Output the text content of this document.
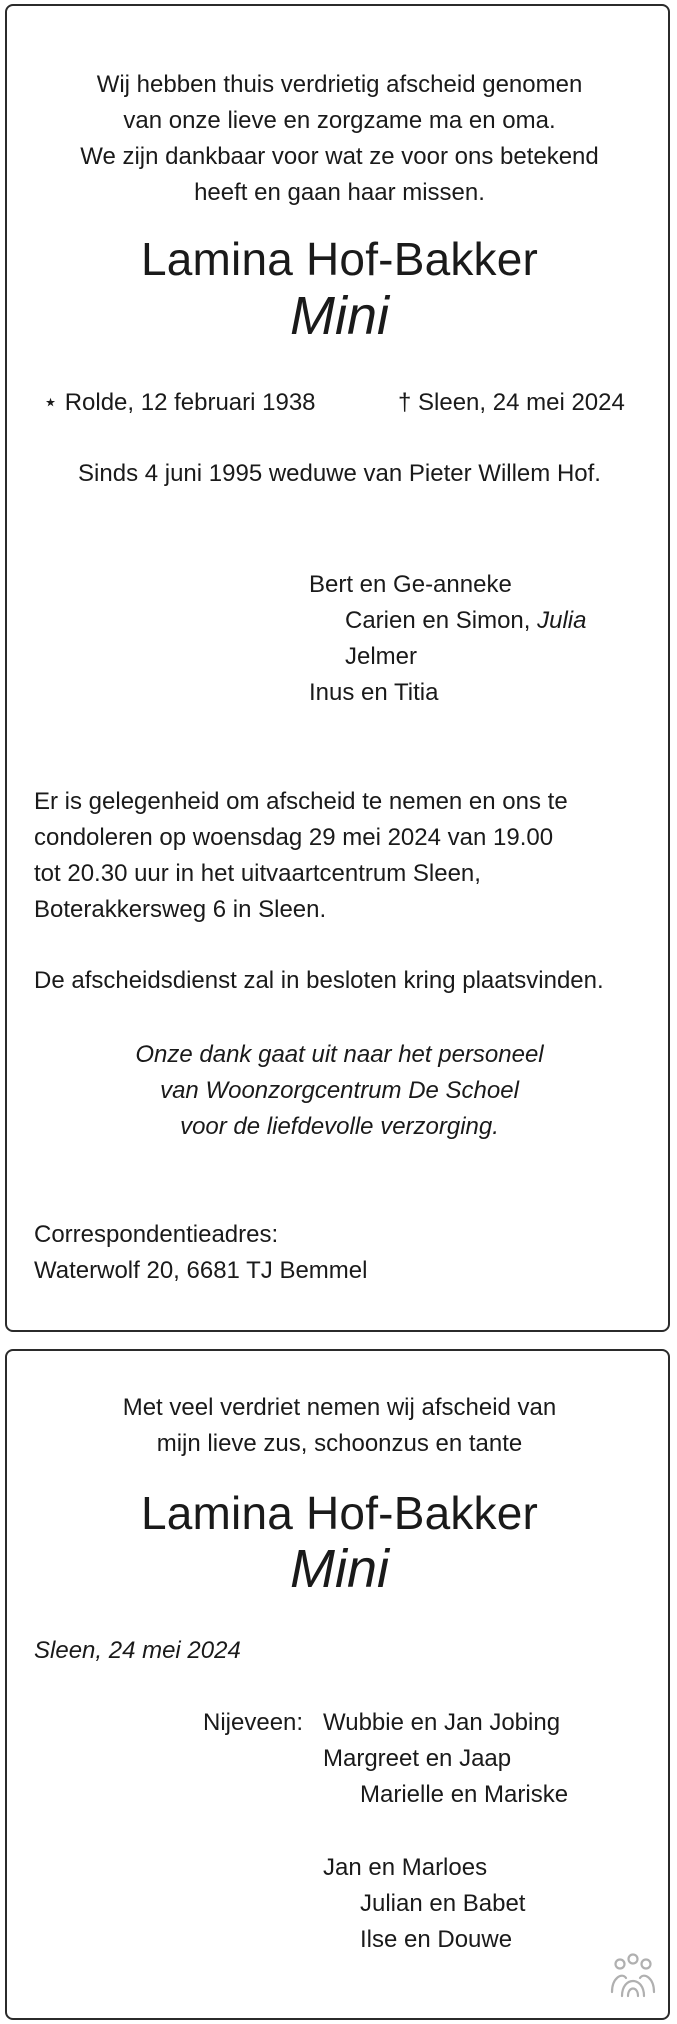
Wij hebben thuis verdrietig afscheid genomen
van onze lieve en zorgzame ma en oma.
We zijn dankbaar voor wat ze voor ons betekend
heeft en gaan haar missen.
Lamina Hof-Bakker
Mini
⋆ Rolde, 12 februari 1938	† Sleen, 24 mei 2024
Sinds 4 juni 1995 weduwe van Pieter Willem Hof.
Bert en Ge-anneke
Carien en Simon, Julia
Jelmer
Inus en Titia
Er is gelegenheid om afscheid te nemen en ons te
condoleren op woensdag 29 mei 2024 van 19.00
tot 20.30 uur in het uitvaartcentrum Sleen,
Boterakkersweg 6 in Sleen.
De afscheidsdienst zal in besloten kring plaatsvinden.
Onze dank gaat uit naar het personeel
van Woonzorgcentrum De Schoel
voor de liefdevolle verzorging.
Correspondentieadres:
Waterwolf 20, 6681 TJ Bemmel
Met veel verdriet nemen wij afscheid van
mijn lieve zus, schoonzus en tante
Lamina Hof-Bakker
Mini
Sleen, 24 mei 2024
Nijeveen: Wubbie en Jan Jobing
Margreet en Jaap
Marielle en Mariske
Jan en Marloes
Julian en Babet
Ilse en Douwe
